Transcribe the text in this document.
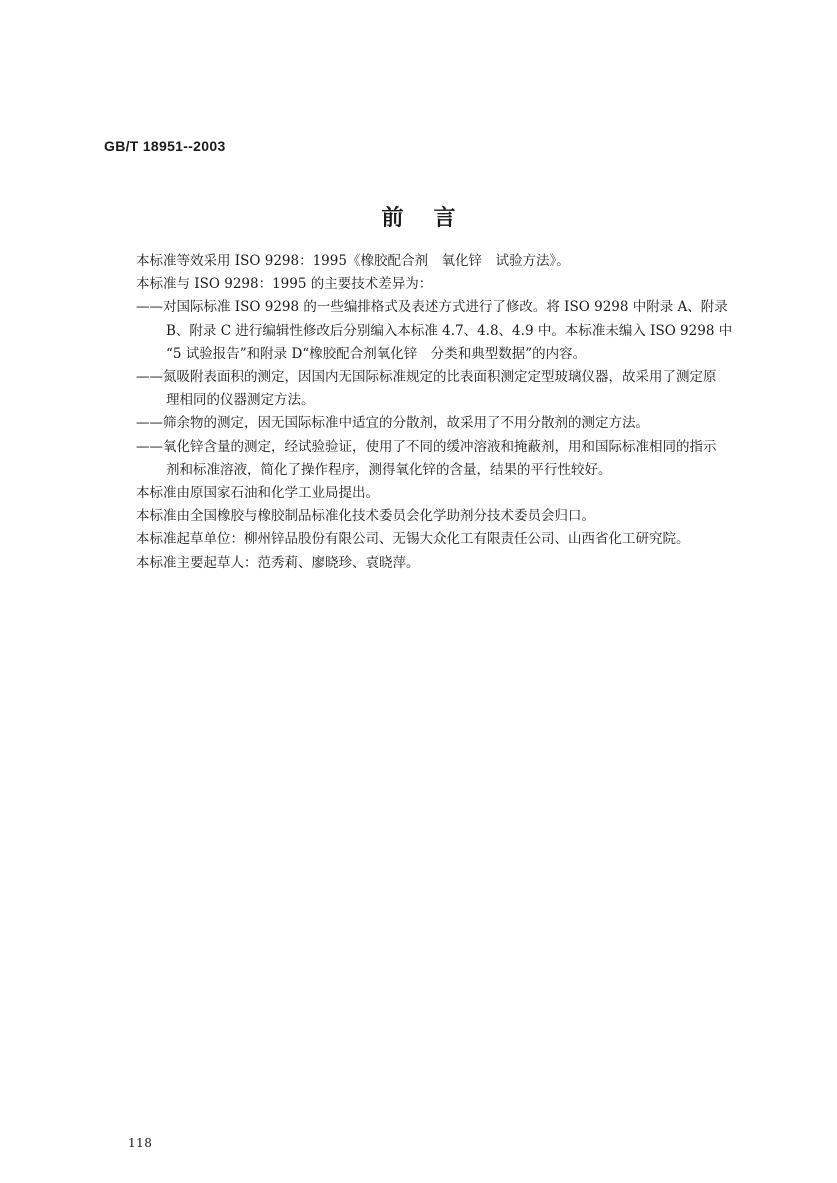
GB/T 18951--2003
前言

本标准等效采用 ISO 9298：1995《橡胶配合剂　氧化锌　试验方法》。

本标准与 ISO 9298：1995 的主要技术差异为：

——对国际标准 ISO 9298 的一些编排格式及表述方式进行了修改。将 ISO 9298 中附录 A、附录
B、附录 C 进行编辑性修改后分别编入本标准 4.7、4.8、4.9 中。本标准未编入 ISO 9298 中
“5 试验报告”和附录 D“橡胶配合剂氧化锌　分类和典型数据”的内容。
——氮吸附表面积的测定，因国内无国际标准规定的比表面积测定定型玻璃仪器，故采用了测定原
理相同的仪器测定方法。
——筛余物的测定，因无国际标准中适宜的分散剂，故采用了不用分散剂的测定方法。
——氧化锌含量的测定，经试验验证，使用了不同的缓冲溶液和掩蔽剂，用和国际标准相同的指示
剂和标准溶液，简化了操作程序，测得氧化锌的含量，结果的平行性较好。

本标准由原国家石油和化学工业局提出。

本标准由全国橡胶与橡胶制品标准化技术委员会化学助剂分技术委员会归口。

本标准起草单位：柳州锌品股份有限公司、无锡大众化工有限责任公司、山西省化工研究院。

本标准主要起草人：范秀莉、廖晓珍、袁晓萍。

118
